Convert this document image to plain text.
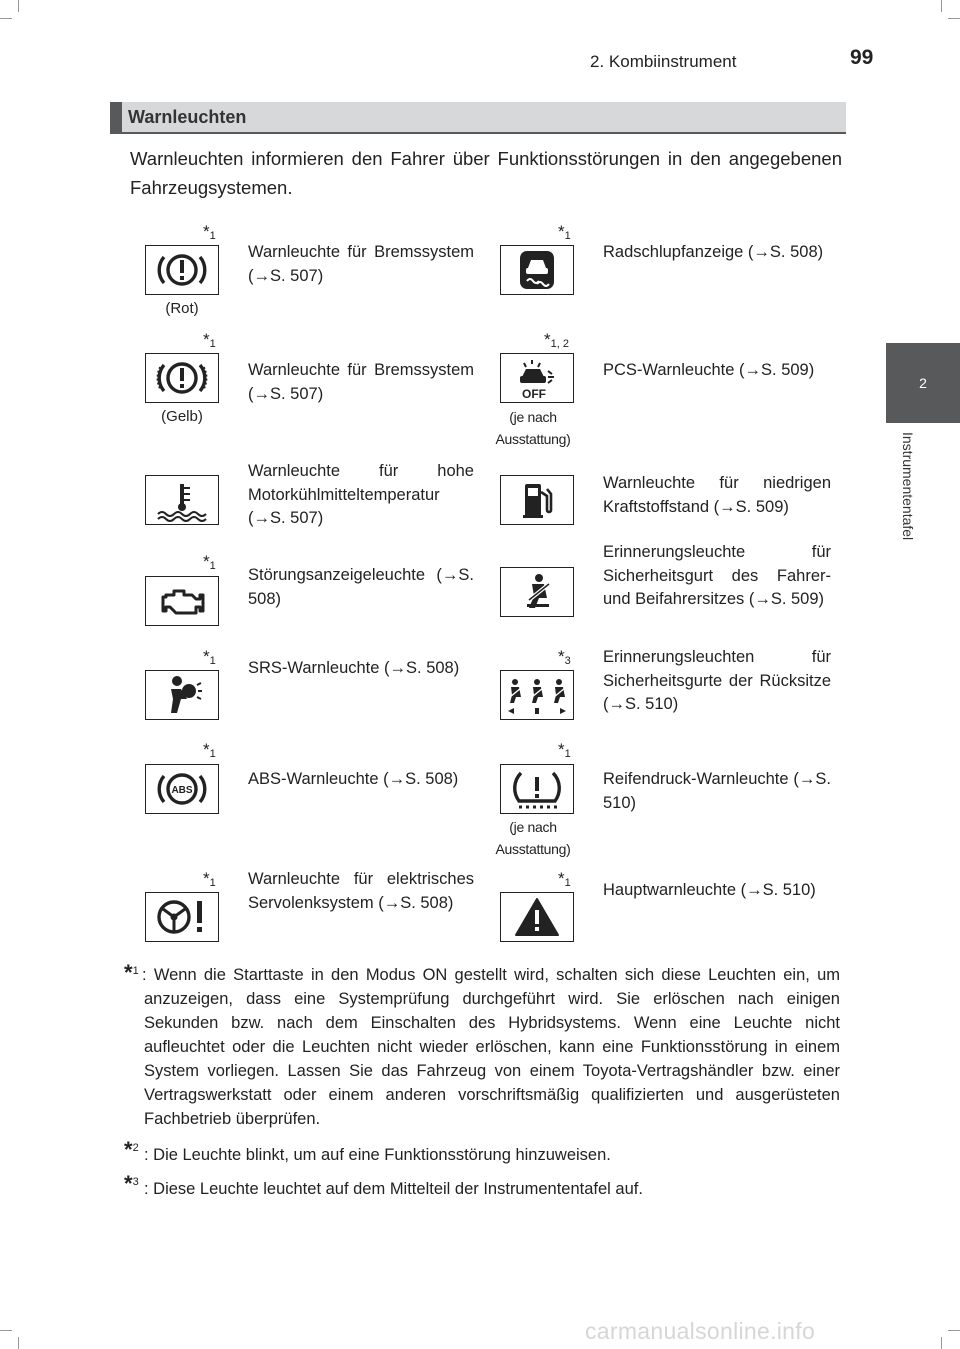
2. Kombiinstrument	99
2
Instrumententafel
Warnleuchten
Warnleuchten informieren den Fahrer über Funktionsstörungen in den angegebenen Fahrzeugsystemen.
$*_1$
(Rot)
Warnleuchte für Bremssystem (→S. 507)
$*_1$
Radschlupfanzeige (→S. 508)
$*_1$
(Gelb)
Warnleuchte für Bremssystem (→S. 507)
$*_{1, 2}$
OFF
(je nach Ausstattung)
PCS-Warnleuchte (→S. 509)
Warnleuchte für hohe Motorkühlmitteltemperatur (→S. 507)
Warnleuchte für niedrigen Kraftstoffstand (→S. 509)
$*_1$ Störungsanzeigeleuchte (→S. 508)
Erinnerungsleuchte für Sicherheitsgurt des Fahrer- und Beifahrersitzes (→S. 509)
$*_1$ SRS-Warnleuchte (→S. 508)
$*_3$ Erinnerungsleuchten für Sicherheitsgurte der Rücksitze (→S. 510)
$*_1$
ABS
ABS-Warnleuchte (→S. 508)
$*_1$
(je nach Ausstattung)
Reifendruck-Warnleuchte (→S. 510)
$*_1$ Warnleuchte für elektrisches Servolenksystem (→S. 508)
$*_1$ Hauptwarnleuchte (→S. 510)
$*_1$ : Wenn die Starttaste in den Modus ON gestellt wird, schalten sich diese Leuchten ein, um anzuzeigen, dass eine Systemprüfung durchgeführt wird. Sie erlöschen nach einigen Sekunden bzw. nach dem Einschalten des Hybridsystems. Wenn eine Leuchte nicht aufleuchtet oder die Leuchten nicht wieder erlöschen, kann eine Funktionsstörung in einem System vorliegen. Lassen Sie das Fahrzeug von einem Toyota-Vertragshändler bzw. einer Vertragswerkstatt oder einem anderen vorschriftsmäßig qualifizierten und ausgerüsteten Fachbetrieb überprüfen.
$*_2$ : Die Leuchte blinkt, um auf eine Funktionsstörung hinzuweisen.
$*_3$ : Diese Leuchte leuchtet auf dem Mittelteil der Instrumententafel auf.
carmanualsonline.info
